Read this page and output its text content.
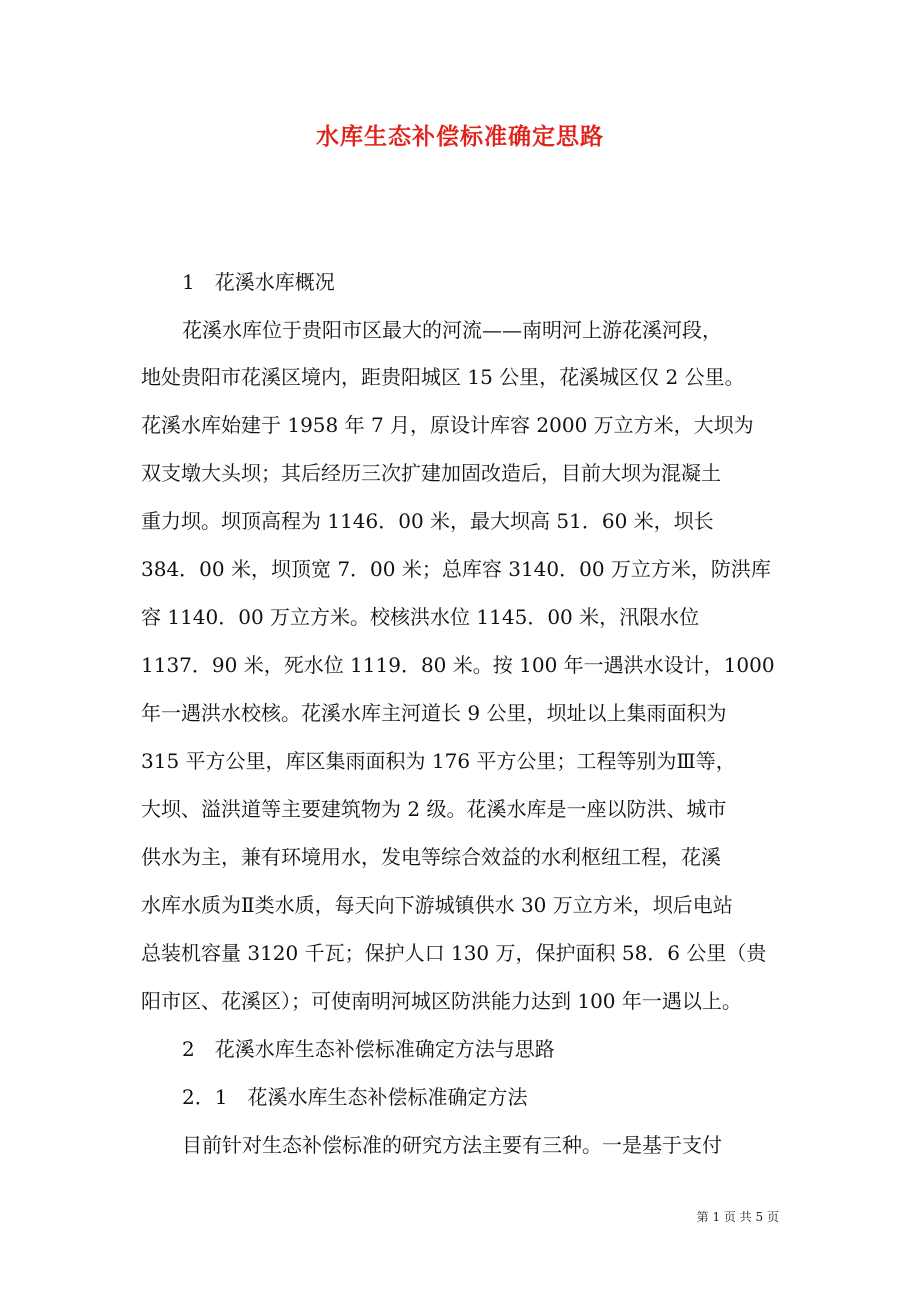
水库生态补偿标准确定思路
1　花溪水库概况
花溪水库位于贵阳市区最大的河流——南明河上游花溪河段，
地处贵阳市花溪区境内，距贵阳城区 15 公里，花溪城区仅 2 公里。
花溪水库始建于 1958 年 7 月，原设计库容 2000 万立方米，大坝为
双支墩大头坝；其后经历三次扩建加固改造后，目前大坝为混凝土
重力坝。坝顶高程为 1146．00 米，最大坝高 51．60 米，坝长
384．00 米，坝顶宽 7．00 米；总库容 3140．00 万立方米，防洪库
容 1140．00 万立方米。校核洪水位 1145．00 米，汛限水位
1137．90 米，死水位 1119．80 米。按 100 年一遇洪水设计，1000
年一遇洪水校核。花溪水库主河道长 9 公里，坝址以上集雨面积为
315 平方公里，库区集雨面积为 176 平方公里；工程等别为Ⅲ等，
大坝、溢洪道等主要建筑物为 2 级。花溪水库是一座以防洪、城市
供水为主，兼有环境用水，发电等综合效益的水利枢纽工程，花溪
水库水质为Ⅱ类水质，每天向下游城镇供水 30 万立方米，坝后电站
总装机容量 3120 千瓦；保护人口 130 万，保护面积 58．6 公里（贵
阳市区、花溪区）；可使南明河城区防洪能力达到 100 年一遇以上。
2　花溪水库生态补偿标准确定方法与思路
2．1　花溪水库生态补偿标准确定方法
目前针对生态补偿标准的研究方法主要有三种。一是基于支付
第 1 页 共 5 页
